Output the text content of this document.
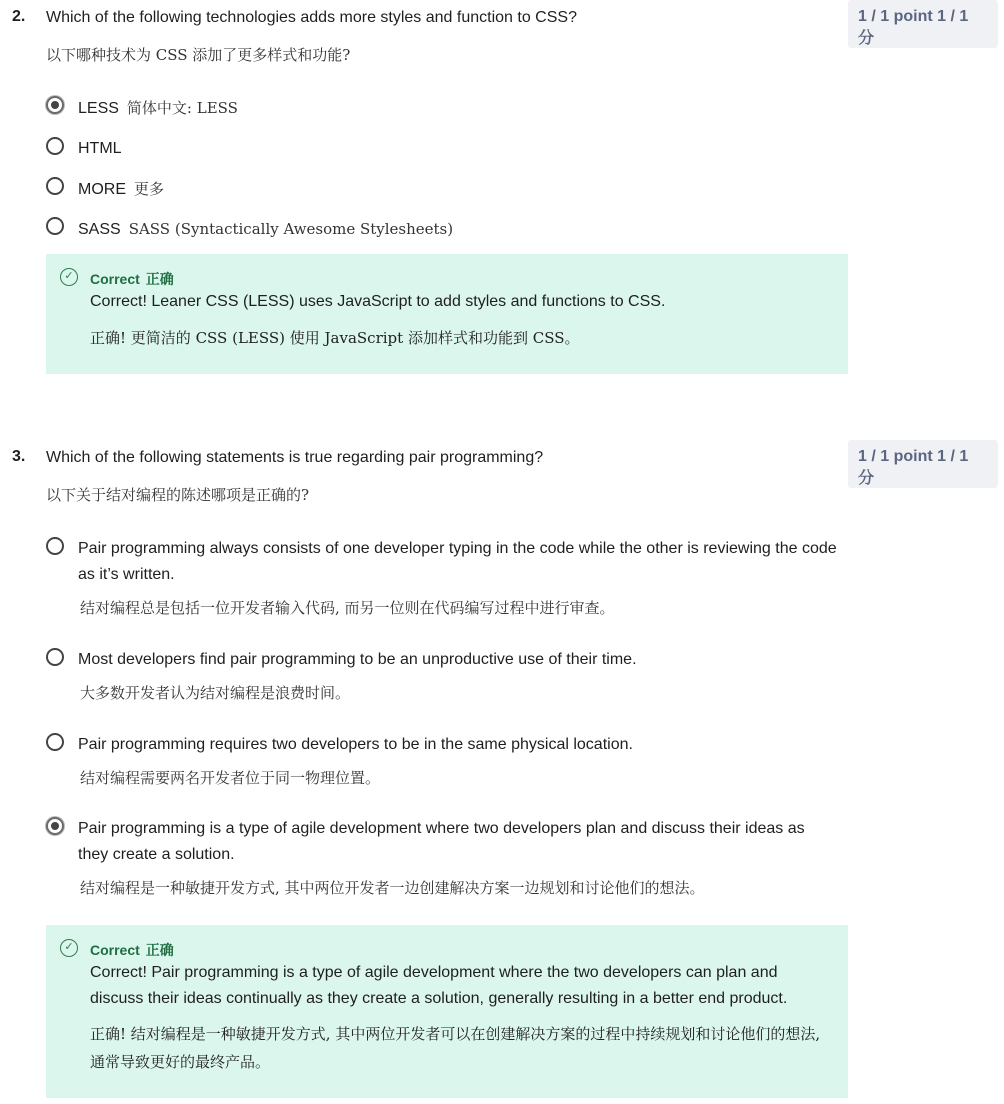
2. Which of the following technologies adds more styles and function to CSS?
以下哪种技术为 CSS 添加了更多样式和功能?
1 / 1 point 1 / 1 分
LESS 简体中文: LESS
HTML
MORE 更多
SASS SASS (Syntactically Awesome Stylesheets)
✓	Correct 正确
Correct! Leaner CSS (LESS) uses JavaScript to add styles and functions to CSS.
正确! 更简洁的 CSS (LESS) 使用 JavaScript 添加样式和功能到 CSS。
3. Which of the following statements is true regarding pair programming?
以下关于结对编程的陈述哪项是正确的?
1 / 1 point 1 / 1 分
Pair programming always consists of one developer typing in the code while the other is reviewing the code as it’s written.
结对编程总是包括一位开发者输入代码, 而另一位则在代码编写过程中进行审查。
Most developers find pair programming to be an unproductive use of their time.
大多数开发者认为结对编程是浪费时间。
Pair programming requires two developers to be in the same physical location.
结对编程需要两名开发者位于同一物理位置。
Pair programming is a type of agile development where two developers plan and discuss their ideas as they create a solution.
结对编程是一种敏捷开发方式, 其中两位开发者一边创建解决方案一边规划和讨论他们的想法。
✓	Correct 正确
Correct! Pair programming is a type of agile development where the two developers can plan and discuss their ideas continually as they create a solution, generally resulting in a better end product.
正确! 结对编程是一种敏捷开发方式, 其中两位开发者可以在创建解决方案的过程中持续规划和讨论他们的想法, 通常导致更好的最终产品。
